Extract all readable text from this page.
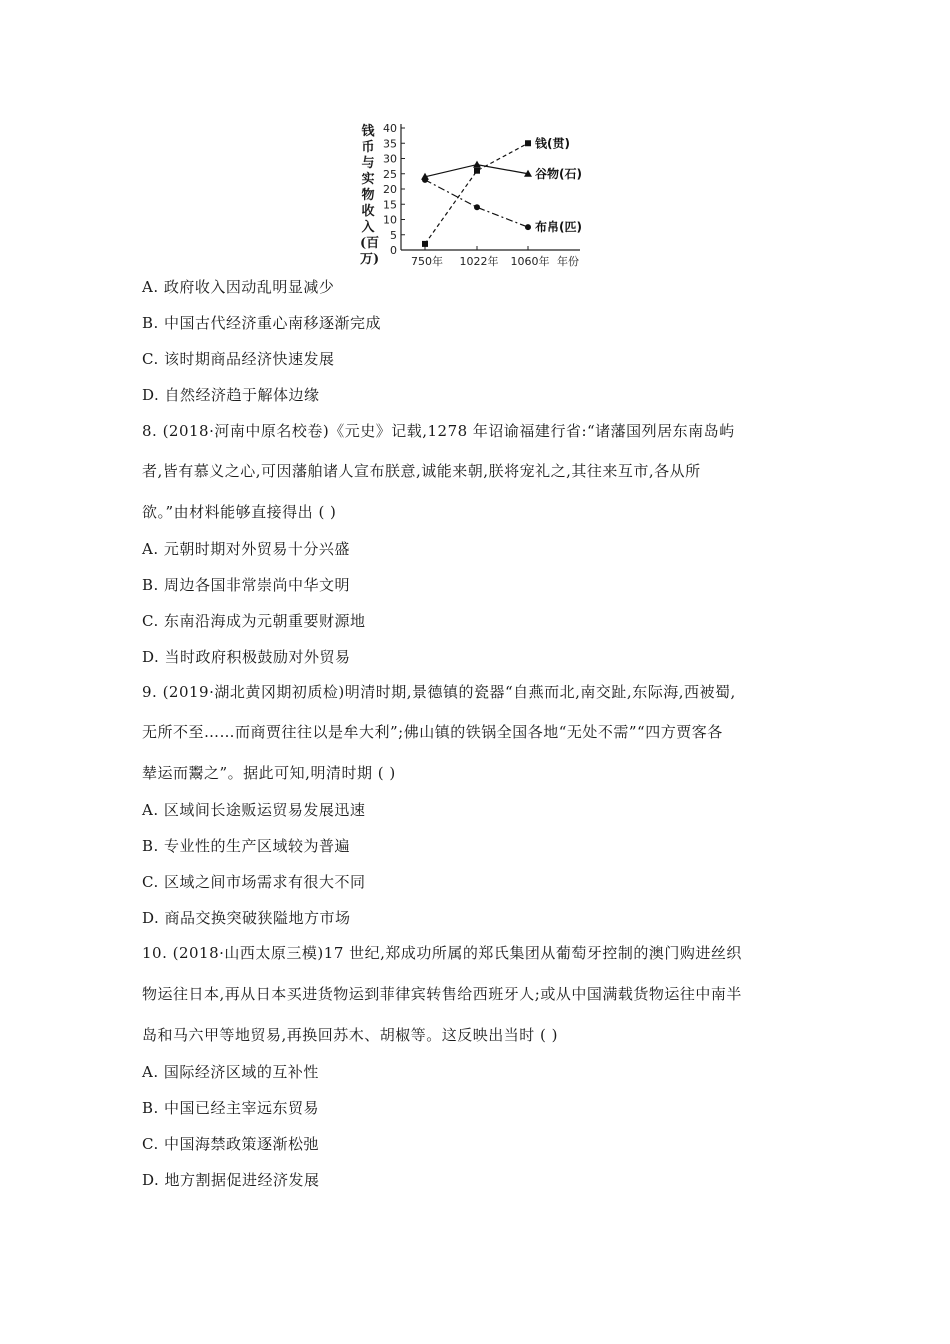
钱币与实物收入(百万)
0
5
10
15
20
25
30
35
40
750年 1022年 1060年 年份
钱(贯)
谷物(石)
布帛(匹)
A. 政府收入因动乱明显减少
B. 中国古代经济重心南移逐渐完成
C. 该时期商品经济快速发展
D. 自然经济趋于解体边缘
8. (2018·河南中原名校卷)《元史》记载,1278 年诏谕福建行省:“诸藩国列居东南岛屿
者,皆有慕义之心,可因藩舶诸人宣布朕意,诚能来朝,朕将宠礼之,其往来互市,各从所
欲。”由材料能够直接得出 ( )
A. 元朝时期对外贸易十分兴盛
B. 周边各国非常崇尚中华文明
C. 东南沿海成为元朝重要财源地
D. 当时政府积极鼓励对外贸易
9. (2019·湖北黄冈期初质检)明清时期,景德镇的瓷器“自燕而北,南交趾,东际海,西被蜀,
无所不至……而商贾往往以是牟大利”;佛山镇的铁锅全国各地“无处不需”“四方贾客各
辇运而鬻之”。据此可知,明清时期 ( )
A. 区域间长途贩运贸易发展迅速
B. 专业性的生产区域较为普遍
C. 区域之间市场需求有很大不同
D. 商品交换突破狭隘地方市场
10. (2018·山西太原三模)17 世纪,郑成功所属的郑氏集团从葡萄牙控制的澳门购进丝织
物运往日本,再从日本买进货物运到菲律宾转售给西班牙人;或从中国满载货物运往中南半
岛和马六甲等地贸易,再换回苏木、胡椒等。这反映出当时 ( )
A. 国际经济区域的互补性
B. 中国已经主宰远东贸易
C. 中国海禁政策逐渐松弛
D. 地方割据促进经济发展
